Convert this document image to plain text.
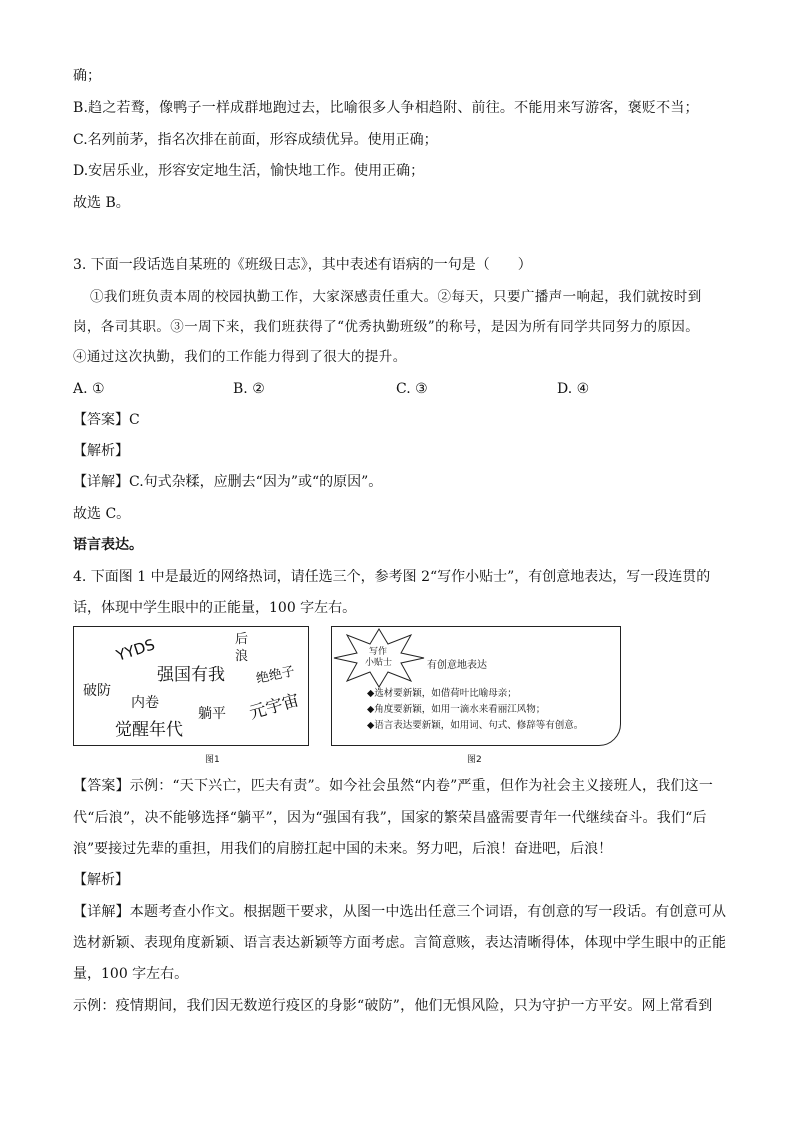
确；
B.趋之若鹜，像鸭子一样成群地跑过去，比喻很多人争相趋附、前往。不能用来写游客，褒贬不当；
C.名列前茅，指名次排在前面，形容成绩优异。使用正确；
D.安居乐业，形容安定地生活，愉快地工作。使用正确；
故选 B。
3. 下面一段话选自某班的《班级日志》，其中表述有语病的一句是（　　）
①我们班负责本周的校园执勤工作，大家深感责任重大。②每天，只要广播声一响起，我们就按时到
岗，各司其职。③一周下来，我们班获得了“优秀执勤班级”的称号，是因为所有同学共同努力的原因。
④通过这次执勤，我们的工作能力得到了很大的提升。
A. ①	B. ②	C. ③	D. ④
【答案】C
【解析】
【详解】C.句式杂糅，应删去“因为”或“的原因”。
故选 C。
语言表达。
4. 下面图 1 中是最近的网络热词，请任选三个，参考图 2“写作小贴士”，有创意地表达，写一段连贯的
话，体现中学生眼中的正能量，100 字左右。
YYDS	后
浪
强国有我 绝绝子
破防
内卷
躺平 元宇宙
觉醒年代
图1
写作
小贴士	有创意地表达
◆选材要新颖，如借荷叶比喻母亲；
◆角度要新颖，如用一滴水来看丽江风物；
◆语言表达要新颖，如用词、句式、修辞等有创意。
图2
【答案】示例：“天下兴亡，匹夫有责”。如今社会虽然“内卷”严重，但作为社会主义接班人，我们这一
代“后浪”，决不能够选择“躺平”，因为“强国有我”，国家的繁荣昌盛需要青年一代继续奋斗。我们“后
浪”要接过先辈的重担，用我们的肩膀扛起中国的未来。努力吧，后浪！奋进吧，后浪！
【解析】
【详解】本题考查小作文。根据题干要求，从图一中选出任意三个词语，有创意的写一段话。有创意可从
选材新颖、表现角度新颖、语言表达新颖等方面考虑。言简意赅，表达清晰得体，体现中学生眼中的正能
量，100 字左右。
示例：疫情期间，我们因无数逆行疫区的身影“破防”，他们无惧风险，只为守护一方平安。网上常看到
